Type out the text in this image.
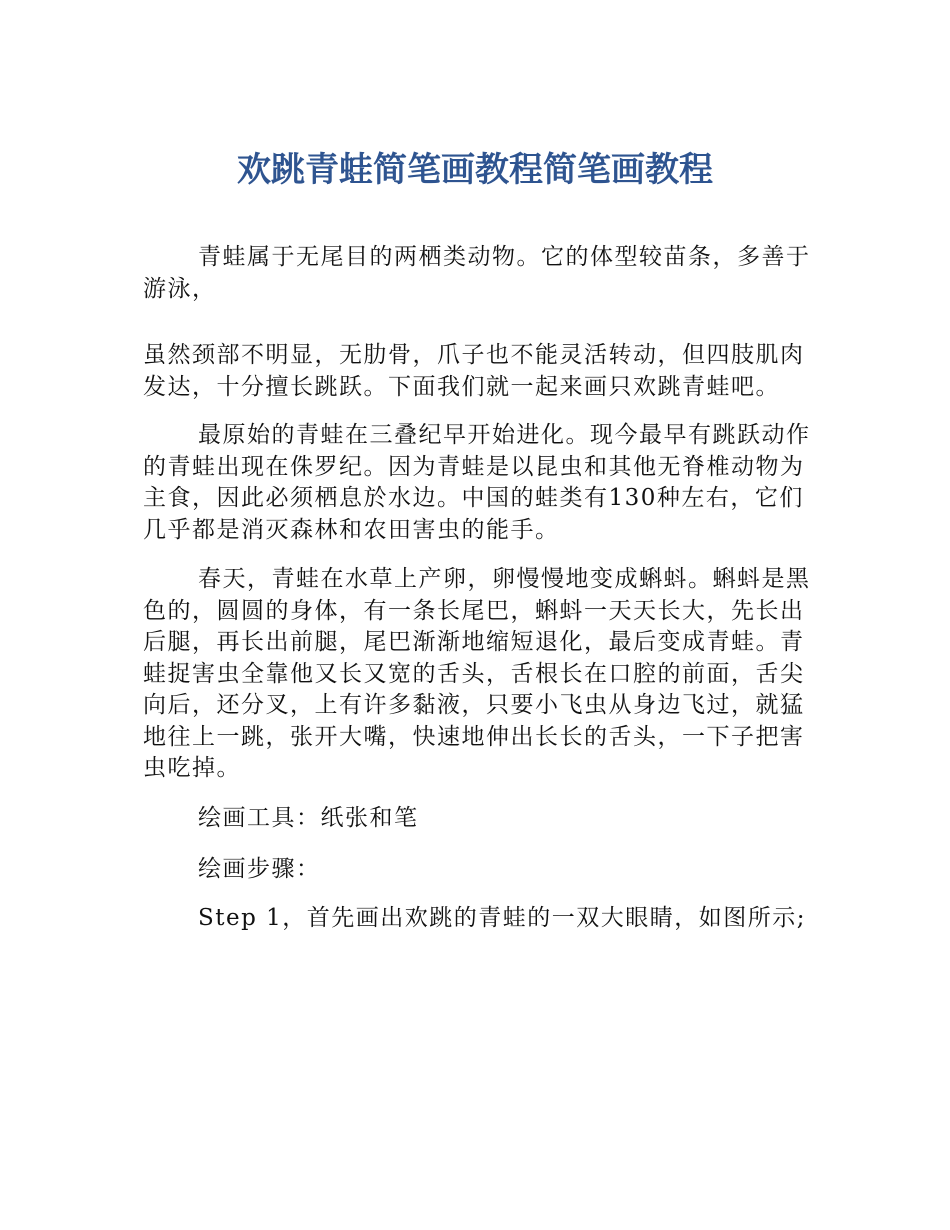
欢跳青蛙简笔画教程简笔画教程

青蛙属于无尾目的两栖类动物。它的体型较苗条，多善于游泳，

虽然颈部不明显，无肋骨，爪子也不能灵活转动，但四肢肌肉发达，十分擅长跳跃。下面我们就一起来画只欢跳青蛙吧。

最原始的青蛙在三叠纪早开始进化。现今最早有跳跃动作的青蛙出现在侏罗纪。因为青蛙是以昆虫和其他无脊椎动物为主食，因此必须栖息於水边。中国的蛙类有130种左右，它们几乎都是消灭森林和农田害虫的能手。

春天，青蛙在水草上产卵，卵慢慢地变成蝌蚪。蝌蚪是黑色的，圆圆的身体，有一条长尾巴，蝌蚪一天天长大，先长出后腿，再长出前腿，尾巴渐渐地缩短退化，最后变成青蛙。青蛙捉害虫全靠他又长又宽的舌头，舌根长在口腔的前面，舌尖向后，还分叉，上有许多黏液，只要小飞虫从身边飞过，就猛地往上一跳，张开大嘴，快速地伸出长长的舌头，一下子把害虫吃掉。

绘画工具：纸张和笔

绘画步骤：

Step 1，首先画出欢跳的青蛙的一双大眼睛，如图所示;
